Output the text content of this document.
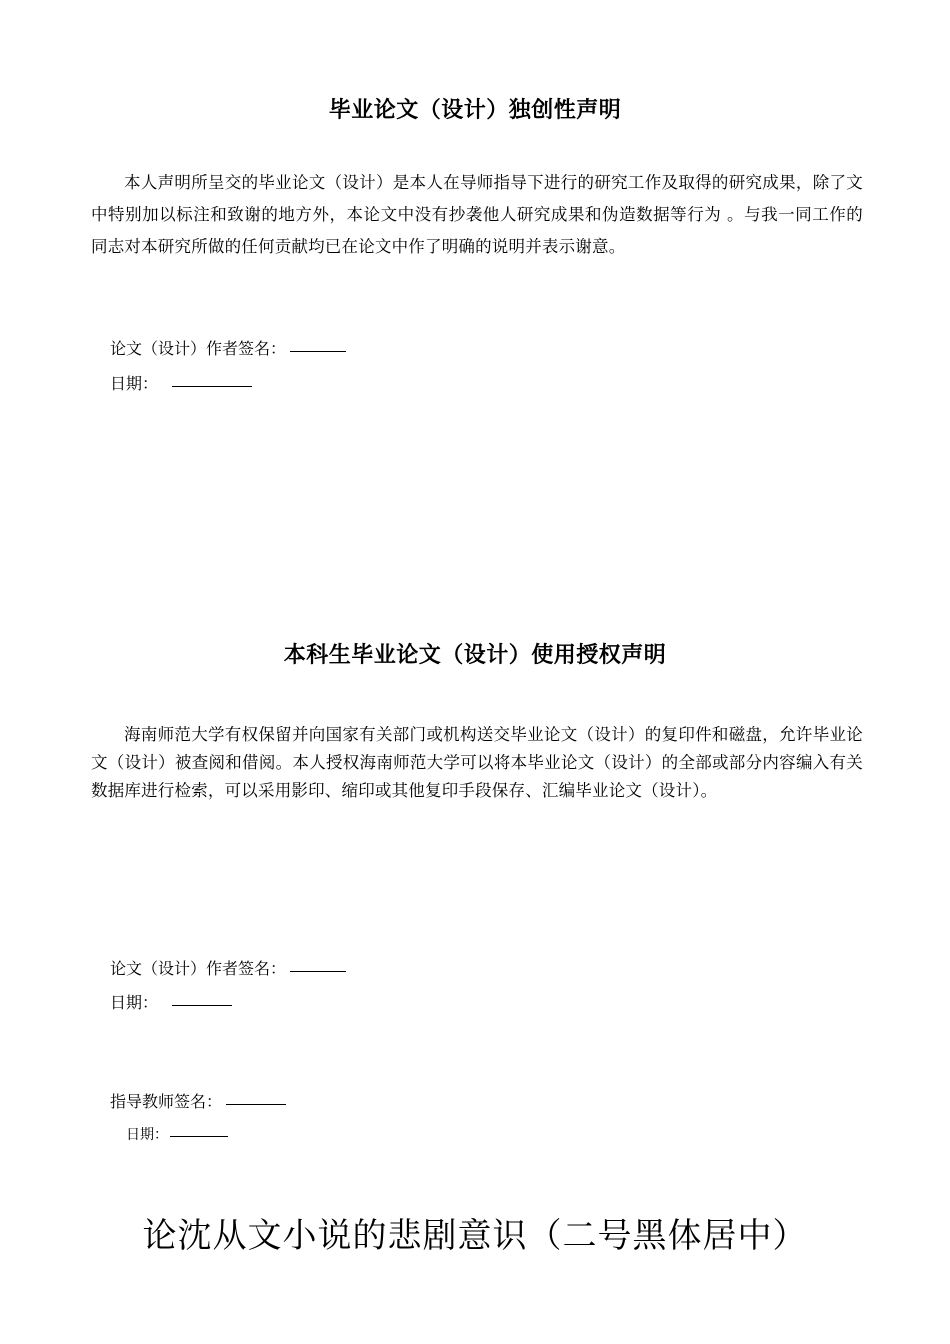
毕业论文（设计）独创性声明
本人声明所呈交的毕业论文（设计）是本人在导师指导下进行的研究工作及取得的研究成果，除了文中特别加以标注和致谢的地方外，本论文中没有抄袭他人研究成果和伪造数据等行为 。与我一同工作的同志对本研究所做的任何贡献均已在论文中作了明确的说明并表示谢意。
论文（设计）作者签名：
日期：
本科生毕业论文（设计）使用授权声明
海南师范大学有权保留并向国家有关部门或机构送交毕业论文（设计）的复印件和磁盘，允许毕业论文（设计）被查阅和借阅。本人授权海南师范大学可以将本毕业论文（设计）的全部或部分内容编入有关数据库进行检索，可以采用影印、缩印或其他复印手段保存、汇编毕业论文（设计）。
论文（设计）作者签名：
日期：
指导教师签名：
日期：
论沈从文小说的悲剧意识（二号黑体居中）
